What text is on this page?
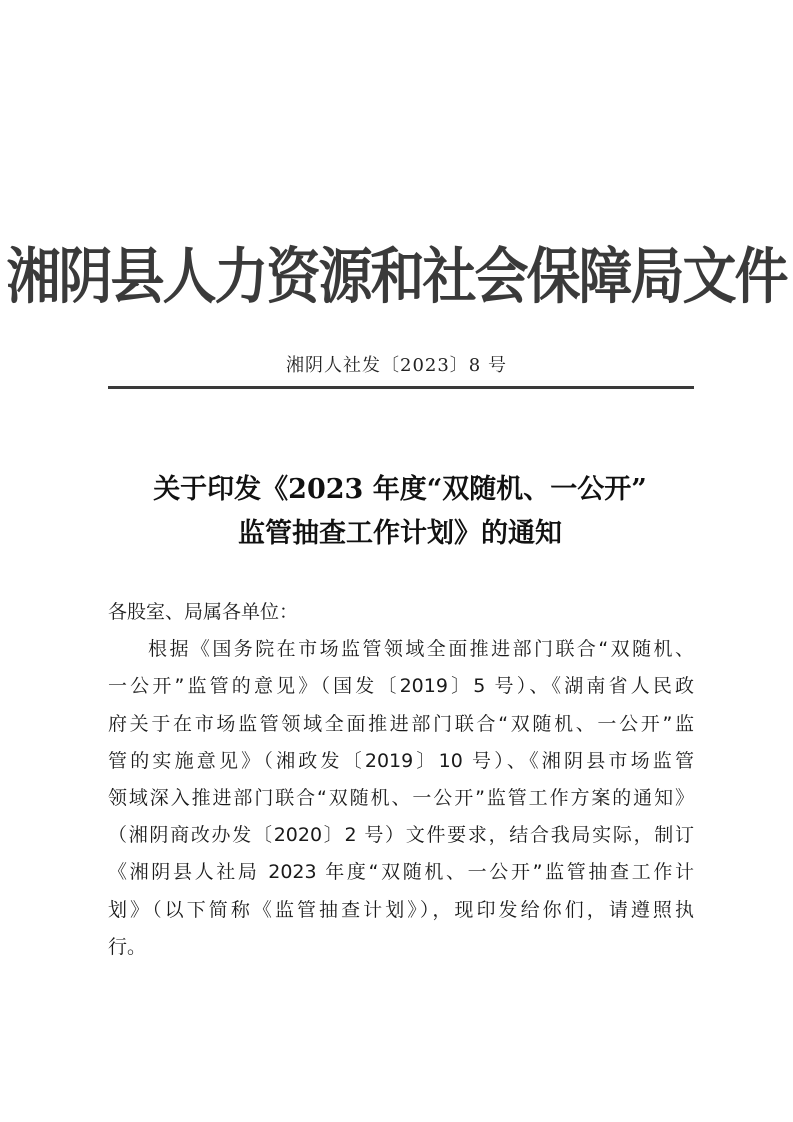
湘阴县人力资源和社会保障局文件
湘阴人社发〔2023〕8 号
关于印发《2023 年度“双随机、一公开”
监管抽查工作计划》的通知
各股室、局属各单位：
根据《国务院在市场监管领域全面推进部门联合“双随机、
一公开”监管的意见》（国发〔2019〕5 号）、《湖南省人民政
府关于在市场监管领域全面推进部门联合“双随机、一公开”监
管的实施意见》（湘政发〔2019〕10 号）、《湘阴县市场监管
领域深入推进部门联合“双随机、一公开”监管工作方案的通知》
（湘阴商改办发〔2020〕2 号）文件要求，结合我局实际，制订
《湘阴县人社局 2023 年度“双随机、一公开”监管抽查工作计
划》（以下简称《监管抽查计划》），现印发给你们，请遵照执
行。
